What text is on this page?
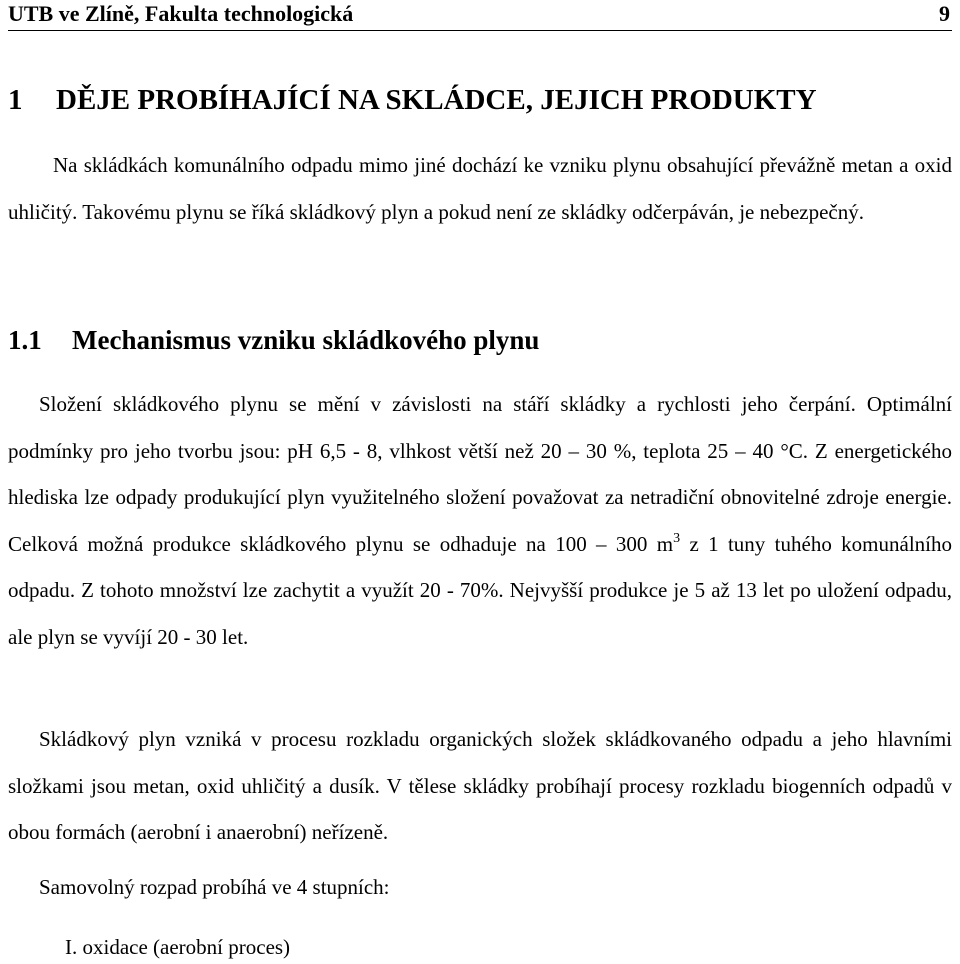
UTB ve Zlíně, Fakulta technologická	9
1 DĚJE PROBÍHAJÍCÍ NA SKLÁDCE, JEJICH PRODUKTY
Na skládkách komunálního odpadu mimo jiné dochází ke vzniku plynu obsahující převážně metan a oxid uhličitý. Takovému plynu se říká skládkový plyn a pokud není ze skládky odčerpáván, je nebezpečný.
1.1 Mechanismus vzniku skládkového plynu
Složení skládkového plynu se mění v závislosti na stáří skládky a rychlosti jeho čerpání. Optimální podmínky pro jeho tvorbu jsou: pH 6,5 - 8, vlhkost větší než 20 – 30 %, teplota 25 – 40 °C. Z energetického hlediska lze odpady produkující plyn využitelného složení považovat za netradiční obnovitelné zdroje energie. Celková možná produkce skládkového plynu se odhaduje na 100 – 300 $m^3$ z 1 tuny tuhého komunálního odpadu. Z tohoto množství lze zachytit a využít 20 - 70%. Nejvyšší produkce je 5 až 13 let po uložení odpadu, ale plyn se vyvíjí 20 - 30 let.
Skládkový plyn vzniká v procesu rozkladu organických složek skládkovaného odpadu a jeho hlavními složkami jsou metan, oxid uhličitý a dusík. V tělese skládky probíhají procesy rozkladu biogenních odpadů v obou formách (aerobní i anaerobní) neřízeně.
Samovolný rozpad probíhá ve 4 stupních:
I. oxidace (aerobní proces)
